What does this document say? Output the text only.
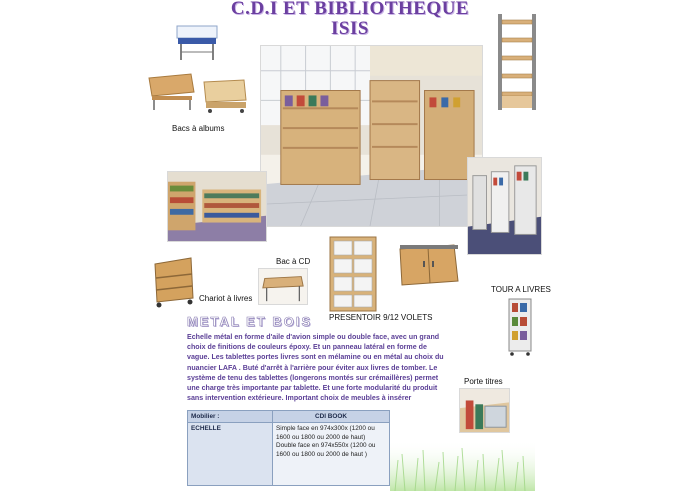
C.D.I ET BIBLIOTHEQUE
ISIS
Bacs à albums
Chariot à livres
Bac à CD
PRESENTOIR 9/12 VOLETS
TOUR A LIVRES
Porte titres
METAL ET BOIS
Echelle métal en forme d'aile d'avion simple ou double face, avec un grand choix de finitions de couleurs époxy. Et un panneau latéral en forme de vague. Les tablettes portes livres sont en mélamine ou en métal au choix du nuancier LAFA . Buté d'arrêt à l'arrière pour éviter aux livres de tomber. Le système de tenu des tablettes (longerons montés sur crémaillères) permet une charge très importante par tablette. Et une forte modularité du produit sans intervention extérieure. Important choix de meubles à insérer
Mobilier :	CDI BOOK
ECHELLE	Simple face en 974x300x (1200 ou 1600 ou 1800 ou 2000 de haut)
Double face en 974x550x (1200 ou 1600 ou 1800 ou 2000 de haut )
